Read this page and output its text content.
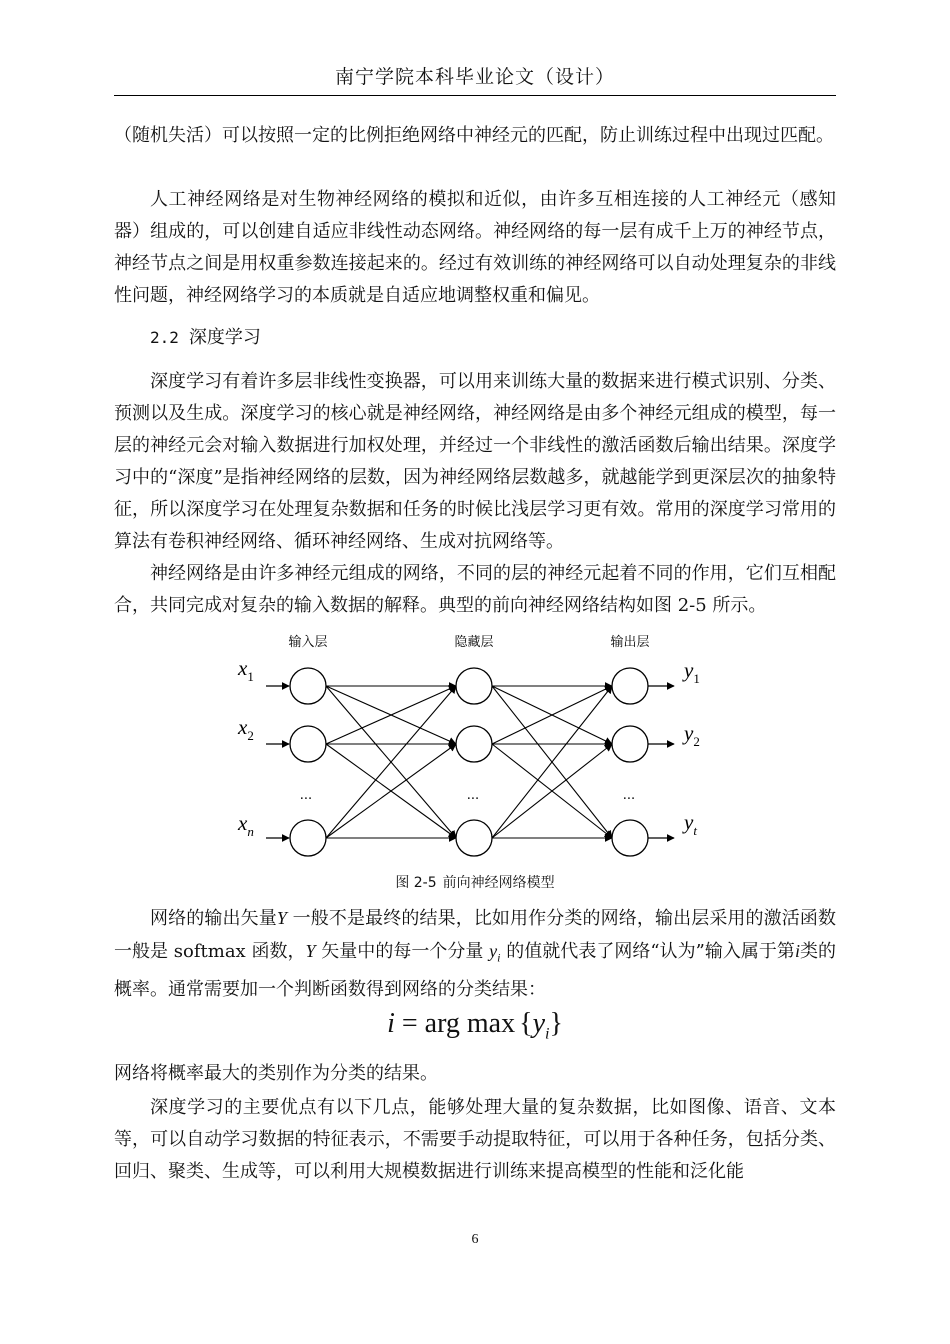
南宁学院本科毕业论文（设计）

（随机失活）可以按照一定的比例拒绝网络中神经元的匹配，防止训练过程中出现过匹配。

人工神经网络是对生物神经网络的模拟和近似，由许多互相连接的人工神经元（感知器）组成的，可以创建自适应非线性动态网络。神经网络的每一层有成千上万的神经节点，神经节点之间是用权重参数连接起来的。经过有效训练的神经网络可以自动处理复杂的非线性问题，神经网络学习的本质就是自适应地调整权重和偏见。

2.2 深度学习

深度学习有着许多层非线性变换器，可以用来训练大量的数据来进行模式识别、分类、预测以及生成。深度学习的核心就是神经网络，神经网络是由多个神经元组成的模型，每一层的神经元会对输入数据进行加权处理，并经过一个非线性的激活函数后输出结果。深度学习中的“深度”是指神经网络的层数，因为神经网络层数越多，就越能学到更深层次的抽象特征，所以深度学习在处理复杂数据和任务的时候比浅层学习更有效。常用的深度学习常用的算法有卷积神经网络、循环神经网络、生成对抗网络等。

神经网络是由许多神经元组成的网络，不同的层的神经元起着不同的作用，它们互相配合，共同完成对复杂的输入数据的解释。典型的前向神经网络结构如图 2-5 所示。

输入层	隐藏层	输出层
···	···	···
$x_1$
$x_2$
$x_n$
$y_1$
$y_2$
$y_t$
图 2-5 前向神经网络模型

网络的输出矢量Y 一般不是最终的结果，比如用作分类的网络，输出层采用的激活函数一般是 softmax 函数，Y 矢量中的每一个分量 $y_i$ 的值就代表了网络“认为”输入属于第i类的概率。通常需要加一个判断函数得到网络的分类结果：

i = arg $\max \{y_i\}$

网络将概率最大的类别作为分类的结果。

深度学习的主要优点有以下几点，能够处理大量的复杂数据，比如图像、语音、文本等，可以自动学习数据的特征表示，不需要手动提取特征，可以用于各种任务，包括分类、回归、聚类、生成等，可以利用大规模数据进行训练来提高模型的性能和泛化能

6
